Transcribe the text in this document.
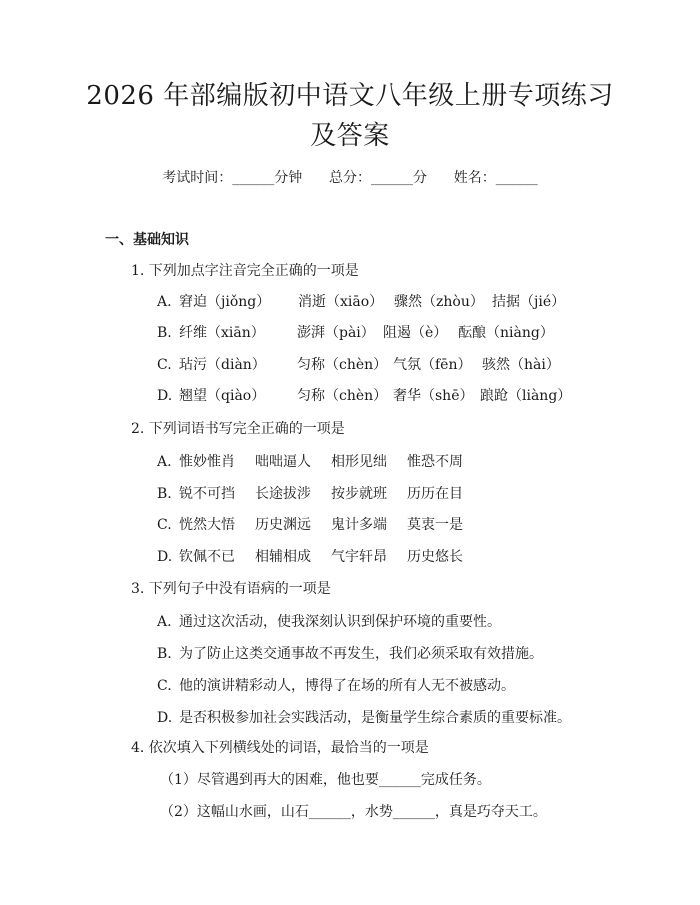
2026 年部编版初中语文八年级上册专项练习
及答案
考试时间：______分钟      总分：______分      姓名：______
一、基础知识
1. 下列加点字注音完全正确的一项是
A. 窘迫（jiǒng） 消逝（xiāo） 骤然（zhòu） 拮据（jié）
B. 纤维（xiān） 澎湃（pài） 阻遏（è） 酝酿（niàng）
C. 玷污（diàn） 匀称（chèn） 气氛（fēn） 骇然（hài）
D. 翘望（qiào） 匀称（chèn） 奢华（shē） 踉跄（liàng）
2. 下列词语书写完全正确的一项是
A. 惟妙惟肖 咄咄逼人 相形见绌 惟恐不周
B. 锐不可挡 长途拔涉 按步就班 历历在目
C. 恍然大悟 历史渊远 鬼计多端 莫衷一是
D. 钦佩不已 相辅相成 气宇轩昂 历史悠长
3. 下列句子中没有语病的一项是
A. 通过这次活动，使我深刻认识到保护环境的重要性。
B. 为了防止这类交通事故不再发生，我们必须采取有效措施。
C. 他的演讲精彩动人，博得了在场的所有人无不被感动。
D. 是否积极参加社会实践活动，是衡量学生综合素质的重要标准。
4. 依次填入下列横线处的词语，最恰当的一项是
（1）尽管遇到再大的困难，他也要______完成任务。
（2）这幅山水画，山石______，水势______，真是巧夺天工。
